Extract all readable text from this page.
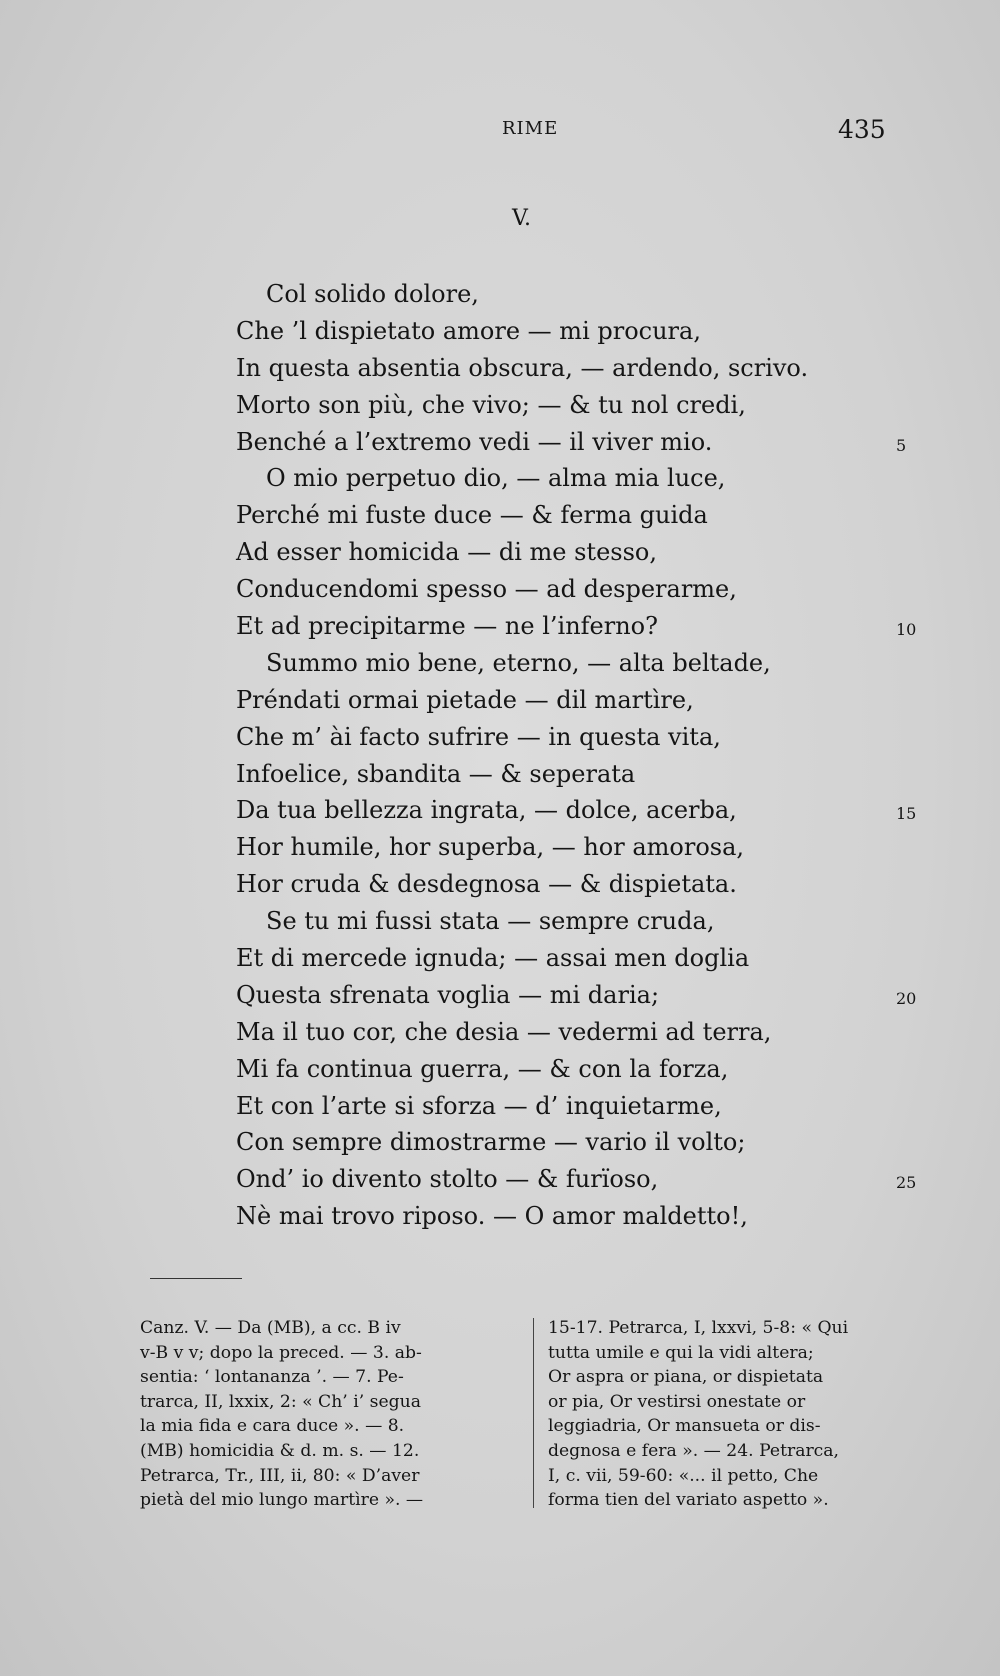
RIME	435
V.
Col solido dolore,
Che ’l dispietato amore — mi procura,
In questa absentia obscura, — ardendo, scrivo.
Morto son più, che vivo; — & tu nol credi,
Benché a l’extremo vedi — il viver mio.	5
O mio perpetuo dio, — alma mia luce,
Perché mi fuste duce — & ferma guida
Ad esser homicida — di me stesso,
Conducendomi spesso — ad desperarme,
Et ad precipitarme — ne l’inferno?	10
Summo mio bene, eterno, — alta beltade,
Préndati ormai pietade — dil martìre,
Che m’ ài facto sufrire — in questa vita,
Infoelice, sbandita — & seperata
Da tua bellezza ingrata, — dolce, acerba,	15
Hor humile, hor superba, — hor amorosa,
Hor cruda & desdegnosa — & dispietata.
Se tu mi fussi stata — sempre cruda,
Et di mercede ignuda; — assai men doglia
Questa sfrenata voglia — mi daria;	20
Ma il tuo cor, che desia — vedermi ad terra,
Mi fa continua guerra, — & con la forza,
Et con l’arte si sforza — d’ inquietarme,
Con sempre dimostrarme — vario il volto;
Ond’ io divento stolto — & furïoso,	25
Nè mai trovo riposo. — O amor maldetto!,
Canz. V. — Da (MB), a cc. B iv
v-B v v; dopo la preced. — 3. ab-
sentia: ‘ lontananza ’. — 7. Pe-
trarca, II, lxxix, 2: « Ch’ i’ segua
la mia fida e cara duce ». — 8.
(MB) homicidia & d. m. s. — 12.
Petrarca, Tr., III, ii, 80: « D’aver
pietà del mio lungo martìre ». —
15-17. Petrarca, I, lxxvi, 5-8: « Qui
tutta umile e qui la vidi altera;
Or aspra or piana, or dispietata
or pia, Or vestirsi onestate or
leggiadria, Or mansueta or dis-
degnosa e fera ». — 24. Petrarca,
I, c. vii, 59-60: «... il petto, Che
forma tien del variato aspetto ».
